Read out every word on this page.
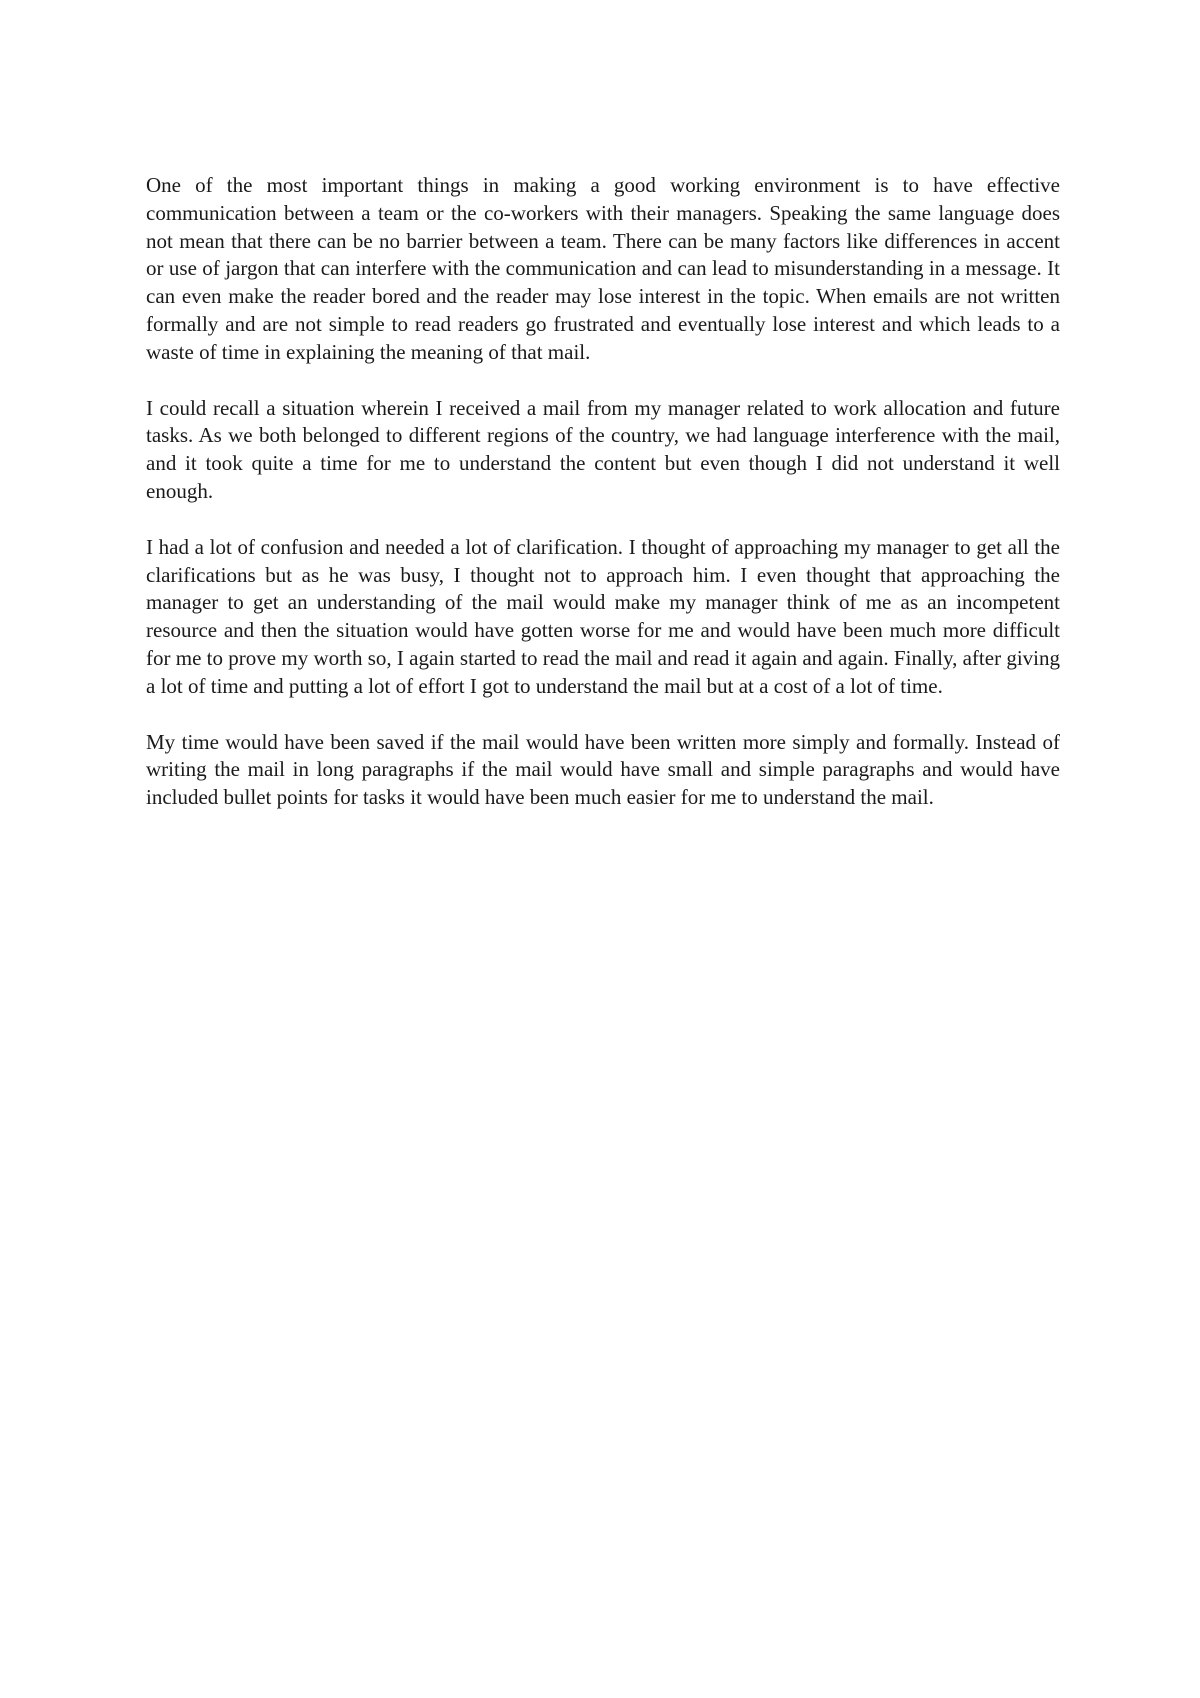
One of the most important things in making a good working environment is to have effective communication between a team or the co-workers with their managers. Speaking the same language does not mean that there can be no barrier between a team. There can be many factors like differences in accent or use of jargon that can interfere with the communication and can lead to misunderstanding in a message. It can even make the reader bored and the reader may lose interest in the topic. When emails are not written formally and are not simple to read readers go frustrated and eventually lose interest and which leads to a waste of time in explaining the meaning of that mail.

I could recall a situation wherein I received a mail from my manager related to work allocation and future tasks. As we both belonged to different regions of the country, we had language interference with the mail, and it took quite a time for me to understand the content but even though I did not understand it well enough.

I had a lot of confusion and needed a lot of clarification. I thought of approaching my manager to get all the clarifications but as he was busy, I thought not to approach him. I even thought that approaching the manager to get an understanding of the mail would make my manager think of me as an incompetent resource and then the situation would have gotten worse for me and would have been much more difficult for me to prove my worth so, I again started to read the mail and read it again and again. Finally, after giving a lot of time and putting a lot of effort I got to understand the mail but at a cost of a lot of time.

My time would have been saved if the mail would have been written more simply and formally. Instead of writing the mail in long paragraphs if the mail would have small and simple paragraphs and would have included bullet points for tasks it would have been much easier for me to understand the mail.
